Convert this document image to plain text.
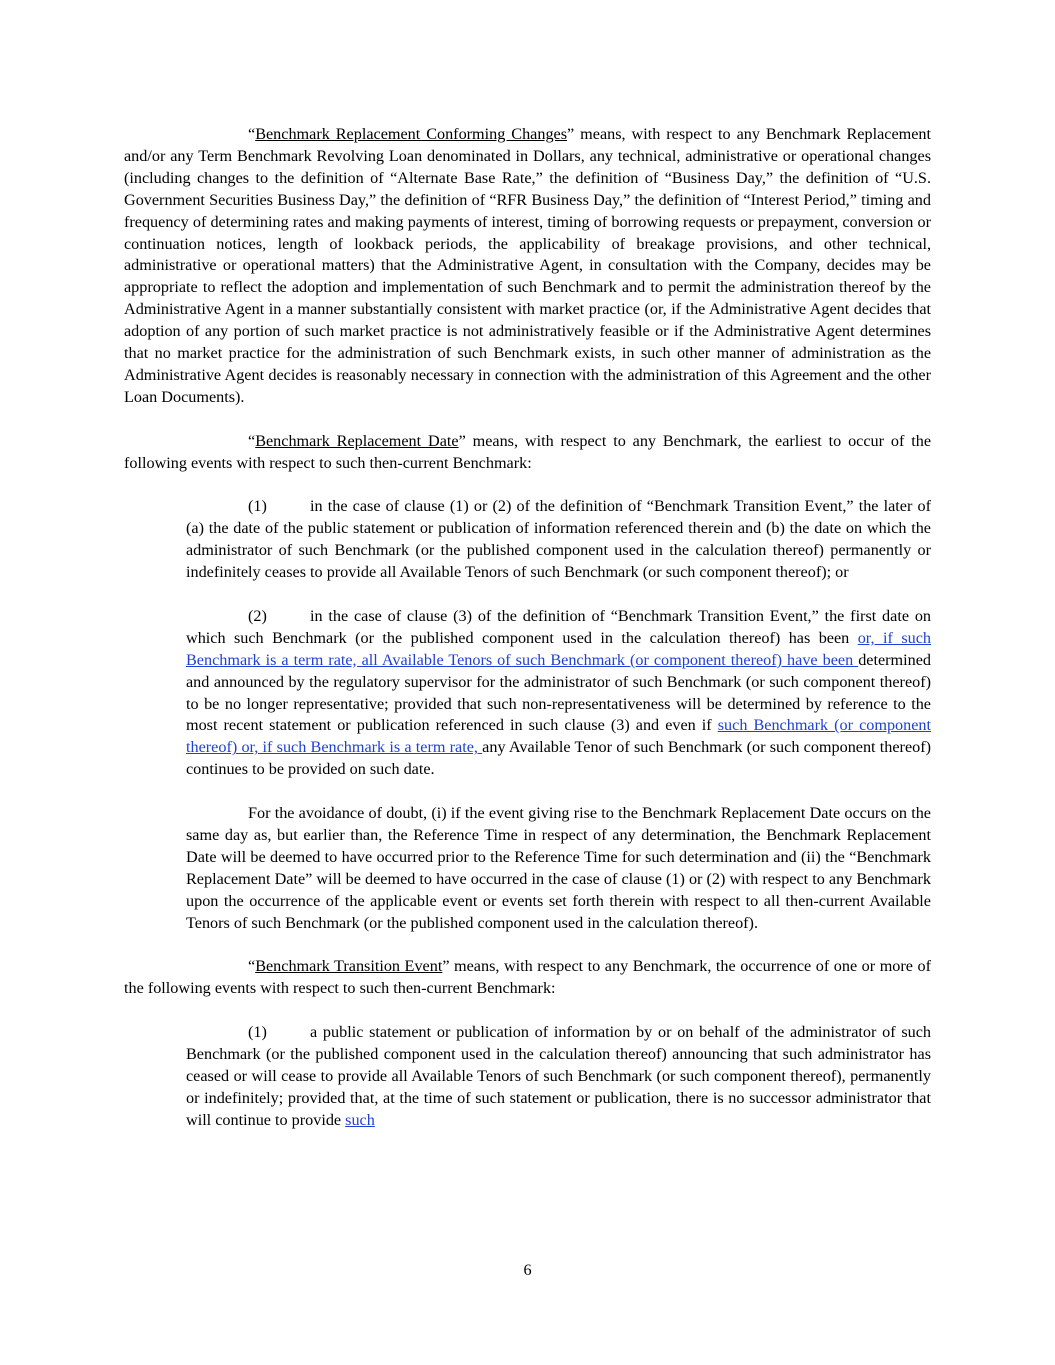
“Benchmark Replacement Conforming Changes” means, with respect to any Benchmark Replacement and/or any Term Benchmark Revolving Loan denominated in Dollars, any technical, administrative or operational changes (including changes to the definition of “Alternate Base Rate,” the definition of “Business Day,” the definition of “U.S. Government Securities Business Day,” the definition of “RFR Business Day,” the definition of “Interest Period,” timing and frequency of determining rates and making payments of interest, timing of borrowing requests or prepayment, conversion or continuation notices, length of lookback periods, the applicability of breakage provisions, and other technical, administrative or operational matters) that the Administrative Agent, in consultation with the Company, decides may be appropriate to reflect the adoption and implementation of such Benchmark and to permit the administration thereof by the Administrative Agent in a manner substantially consistent with market practice (or, if the Administrative Agent decides that adoption of any portion of such market practice is not administratively feasible or if the Administrative Agent determines that no market practice for the administration of such Benchmark exists, in such other manner of administration as the Administrative Agent decides is reasonably necessary in connection with the administration of this Agreement and the other Loan Documents).

“Benchmark Replacement Date” means, with respect to any Benchmark, the earliest to occur of the following events with respect to such then-current Benchmark:

(1)	in the case of clause (1) or (2) of the definition of “Benchmark Transition Event,” the later of (a) the date of the public statement or publication of information referenced therein and (b) the date on which the administrator of such Benchmark (or the published component used in the calculation thereof) permanently or indefinitely ceases to provide all Available Tenors of such Benchmark (or such component thereof); or

(2)	in the case of clause (3) of the definition of “Benchmark Transition Event,” the first date on which such Benchmark (or the published component used in the calculation thereof) has been or, if such Benchmark is a term rate, all Available Tenors of such Benchmark (or component thereof) have been determined and announced by the regulatory supervisor for the administrator of such Benchmark (or such component thereof) to be no longer representative; provided that such non-representativeness will be determined by reference to the most recent statement or publication referenced in such clause (3) and even if such Benchmark (or component thereof) or, if such Benchmark is a term rate, any Available Tenor of such Benchmark (or such component thereof) continues to be provided on such date.

For the avoidance of doubt, (i) if the event giving rise to the Benchmark Replacement Date occurs on the same day as, but earlier than, the Reference Time in respect of any determination, the Benchmark Replacement Date will be deemed to have occurred prior to the Reference Time for such determination and (ii) the “Benchmark Replacement Date” will be deemed to have occurred in the case of clause (1) or (2) with respect to any Benchmark upon the occurrence of the applicable event or events set forth therein with respect to all then-current Available Tenors of such Benchmark (or the published component used in the calculation thereof).

“Benchmark Transition Event” means, with respect to any Benchmark, the occurrence of one or more of the following events with respect to such then-current Benchmark:

(1)	a public statement or publication of information by or on behalf of the administrator of such Benchmark (or the published component used in the calculation thereof) announcing that such administrator has ceased or will cease to provide all Available Tenors of such Benchmark (or such component thereof), permanently or indefinitely; provided that, at the time of such statement or publication, there is no successor administrator that will continue to provide such

6
